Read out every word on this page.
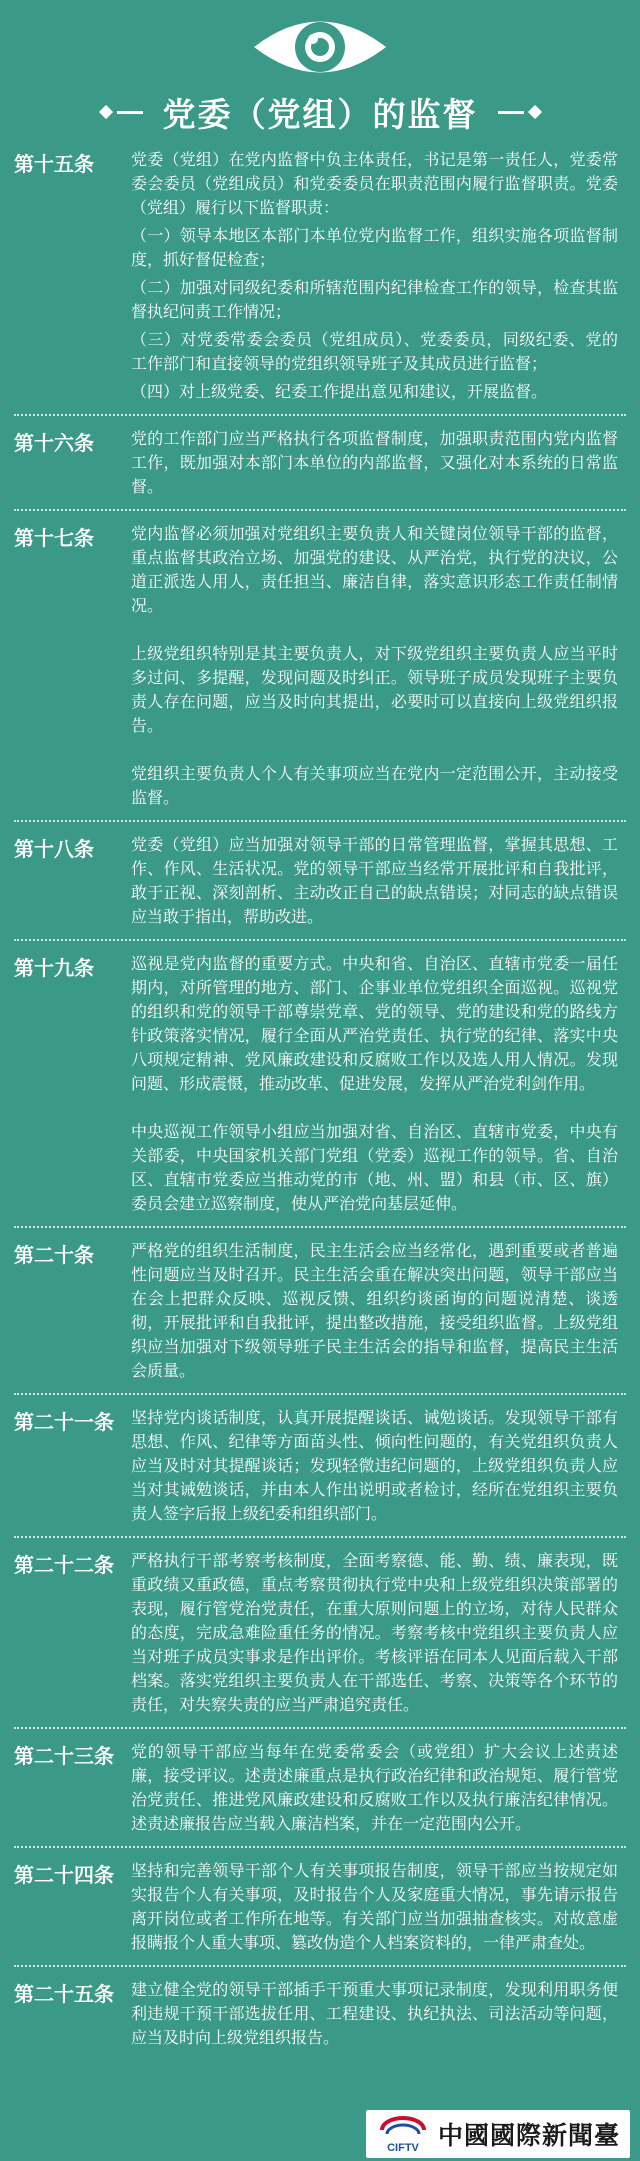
党委（党组）的监督
第十五条 党委（党组）在党内监督中负主体责任，书记是第一责任人，党委常委会委员（党组成员）和党委委员在职责范围内履行监督职责。党委（党组）履行以下监督职责：
（一）领导本地区本部门本单位党内监督工作，组织实施各项监督制度，抓好督促检查；
（二）加强对同级纪委和所辖范围内纪律检查工作的领导，检查其监督执纪问责工作情况；
（三）对党委常委会委员（党组成员）、党委委员，同级纪委、党的工作部门和直接领导的党组织领导班子及其成员进行监督；
（四）对上级党委、纪委工作提出意见和建议，开展监督。
第十六条 党的工作部门应当严格执行各项监督制度，加强职责范围内党内监督工作，既加强对本部门本单位的内部监督，又强化对本系统的日常监督。
第十七条 党内监督必须加强对党组织主要负责人和关键岗位领导干部的监督，重点监督其政治立场、加强党的建设、从严治党，执行党的决议，公道正派选人用人，责任担当、廉洁自律，落实意识形态工作责任制情况。
上级党组织特别是其主要负责人，对下级党组织主要负责人应当平时多过问、多提醒，发现问题及时纠正。领导班子成员发现班子主要负责人存在问题，应当及时向其提出，必要时可以直接向上级党组织报告。
党组织主要负责人个人有关事项应当在党内一定范围公开，主动接受监督。
第十八条 党委（党组）应当加强对领导干部的日常管理监督，掌握其思想、工作、作风、生活状况。党的领导干部应当经常开展批评和自我批评，敢于正视、深刻剖析、主动改正自己的缺点错误；对同志的缺点错误应当敢于指出，帮助改进。
第十九条 巡视是党内监督的重要方式。中央和省、自治区、直辖市党委一届任期内，对所管理的地方、部门、企事业单位党组织全面巡视。巡视党的组织和党的领导干部尊崇党章、党的领导、党的建设和党的路线方针政策落实情况，履行全面从严治党责任、执行党的纪律、落实中央八项规定精神、党风廉政建设和反腐败工作以及选人用人情况。发现问题、形成震慑，推动改革、促进发展，发挥从严治党利剑作用。
中央巡视工作领导小组应当加强对省、自治区、直辖市党委，中央有关部委，中央国家机关部门党组（党委）巡视工作的领导。省、自治区、直辖市党委应当推动党的市（地、州、盟）和县（市、区、旗）委员会建立巡察制度，使从严治党向基层延伸。
第二十条 严格党的组织生活制度，民主生活会应当经常化，遇到重要或者普遍性问题应当及时召开。民主生活会重在解决突出问题，领导干部应当在会上把群众反映、巡视反馈、组织约谈函询的问题说清楚、谈透彻，开展批评和自我批评，提出整改措施，接受组织监督。上级党组织应当加强对下级领导班子民主生活会的指导和监督，提高民主生活会质量。
第二十一条 坚持党内谈话制度，认真开展提醒谈话、诫勉谈话。发现领导干部有思想、作风、纪律等方面苗头性、倾向性问题的，有关党组织负责人应当及时对其提醒谈话；发现轻微违纪问题的，上级党组织负责人应当对其诫勉谈话，并由本人作出说明或者检讨，经所在党组织主要负责人签字后报上级纪委和组织部门。
第二十二条 严格执行干部考察考核制度，全面考察德、能、勤、绩、廉表现，既重政绩又重政德，重点考察贯彻执行党中央和上级党组织决策部署的表现，履行管党治党责任，在重大原则问题上的立场，对待人民群众的态度，完成急难险重任务的情况。考察考核中党组织主要负责人应当对班子成员实事求是作出评价。考核评语在同本人见面后载入干部档案。落实党组织主要负责人在干部选任、考察、决策等各个环节的责任，对失察失责的应当严肃追究责任。
第二十三条 党的领导干部应当每年在党委常委会（或党组）扩大会议上述责述廉，接受评议。述责述廉重点是执行政治纪律和政治规矩、履行管党治党责任、推进党风廉政建设和反腐败工作以及执行廉洁纪律情况。述责述廉报告应当载入廉洁档案，并在一定范围内公开。
第二十四条 坚持和完善领导干部个人有关事项报告制度，领导干部应当按规定如实报告个人有关事项，及时报告个人及家庭重大情况，事先请示报告离开岗位或者工作所在地等。有关部门应当加强抽查核实。对故意虚报瞒报个人重大事项、篡改伪造个人档案资料的，一律严肃查处。
第二十五条 建立健全党的领导干部插手干预重大事项记录制度，发现利用职务便利违规干预干部选拔任用、工程建设、执纪执法、司法活动等问题，应当及时向上级党组织报告。
CIFTV 中國國際新聞臺
